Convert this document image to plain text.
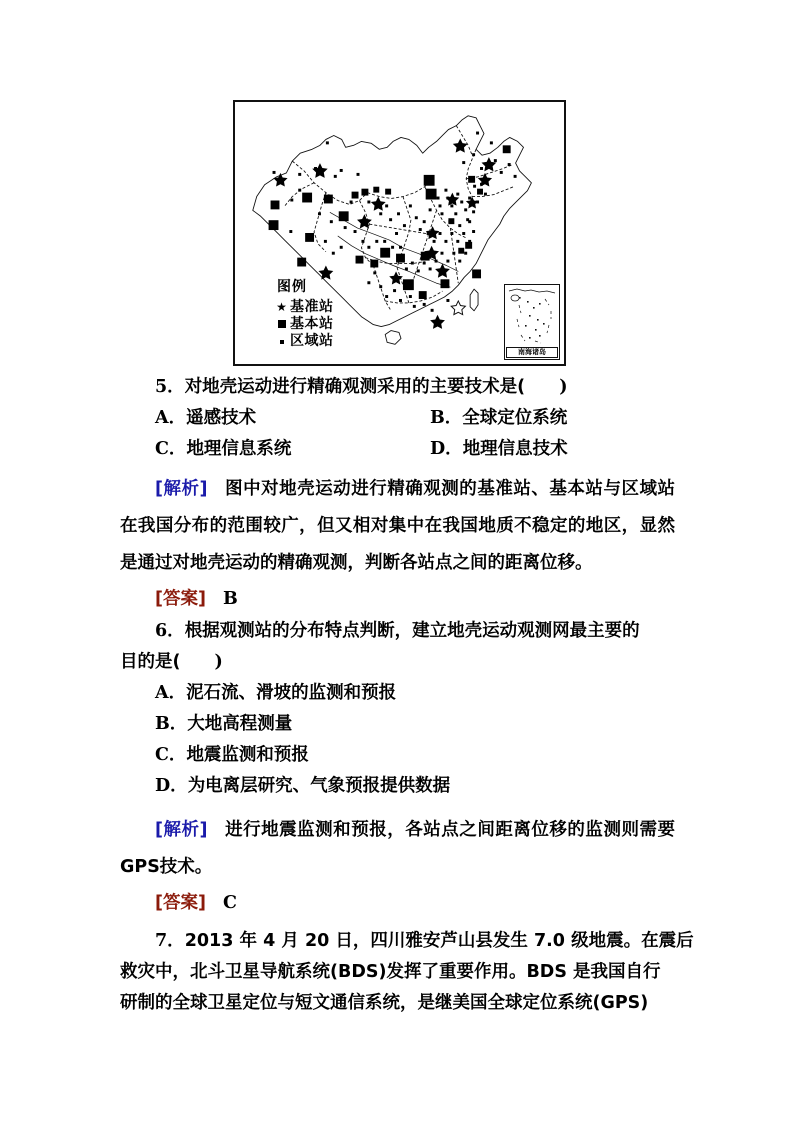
图例
★ 基准站
基本站
区域站
南海诸岛
5．对地壳运动进行精确观测采用的主要技术是( )
A．遥感技术	B．全球定位系统
C．地理信息系统	D．地理信息技术
[解析] 图中对地壳运动进行精确观测的基准站、基本站与区域站在我国分布的范围较广，但又相对集中在我国地质不稳定的地区，显然是通过对地壳运动的精确观测，判断各站点之间的距离位移。
[答案] B
6．根据观测站的分布特点判断，建立地壳运动观测网最主要的
目的是( )
A．泥石流、滑坡的监测和预报
B．大地高程测量
C．地震监测和预报
D．为电离层研究、气象预报提供数据
[解析] 进行地震监测和预报，各站点之间距离位移的监测则需要GPS技术。
[答案] C
7．2013 年 4 月 20 日，四川雅安芦山县发生 7.0 级地震。在震后
救灾中，北斗卫星导航系统(BDS)发挥了重要作用。BDS 是我国自行
研制的全球卫星定位与短文通信系统，是继美国全球定位系统(GPS)
